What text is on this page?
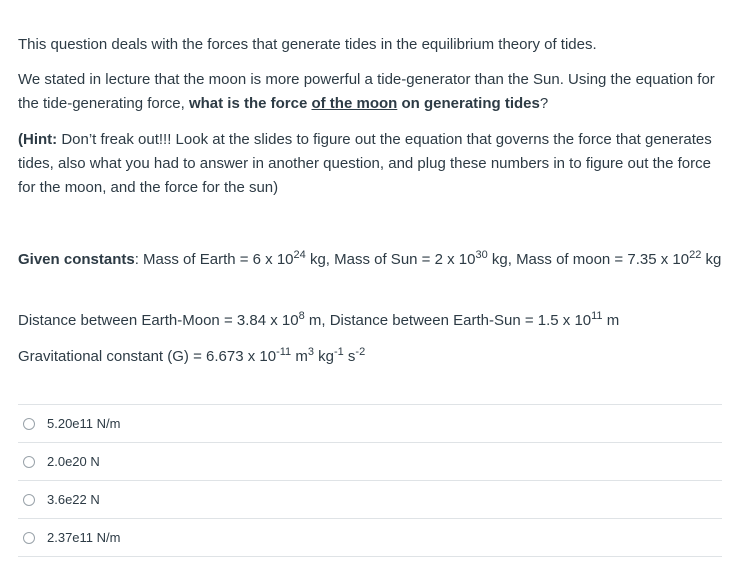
This question deals with the forces that generate tides in the equilibrium theory of tides.

We stated in lecture that the moon is more powerful a tide-generator than the Sun. Using the equation for the tide-generating force, what is the force of the moon on generating tides?

(Hint: Don’t freak out!!! Look at the slides to figure out the equation that governs the force that generates tides, also what you had to answer in another question, and plug these numbers in to figure out the force for the moon, and the force for the sun)

Given constants: Mass of Earth = 6 x $10^{24}$ kg, Mass of Sun = 2 x $10^{30}$ kg, Mass of moon = 7.35 x $10^{22}$ kg

Distance between Earth-Moon = 3.84 x $10^8$ m, Distance between Earth-Sun = 1.5 x $10^{11}$ m

Gravitational constant (G) = 6.673 x $10^{-11}$ $m^3$ $kg^{-1}$ $s^{-2}$

5.20e11 N/m
2.0e20 N
3.6e22 N
2.37e11 N/m
